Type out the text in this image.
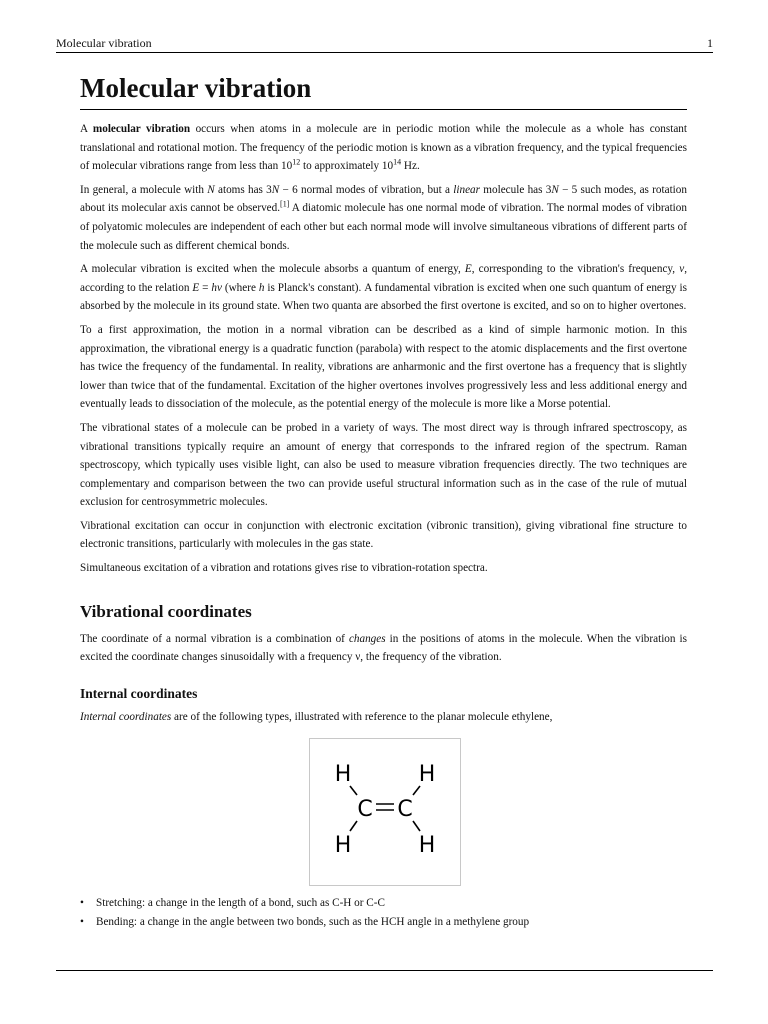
Molecular vibration	1
Molecular vibration

A molecular vibration occurs when atoms in a molecule are in periodic motion while the molecule as a whole has constant translational and rotational motion. The frequency of the periodic motion is known as a vibration frequency, and the typical frequencies of molecular vibrations range from less than $10^{12}$ to approximately $10^{14}$ Hz.

In general, a molecule with N atoms has 3N − 6 normal modes of vibration, but a linear molecule has 3N − 5 such modes, as rotation about its molecular axis cannot be observed.[1] A diatomic molecule has one normal mode of vibration. The normal modes of vibration of polyatomic molecules are independent of each other but each normal mode will involve simultaneous vibrations of different parts of the molecule such as different chemical bonds.

A molecular vibration is excited when the molecule absorbs a quantum of energy, E, corresponding to the vibration's frequency, ν, according to the relation E = hν (where h is Planck's constant). A fundamental vibration is excited when one such quantum of energy is absorbed by the molecule in its ground state. When two quanta are absorbed the first overtone is excited, and so on to higher overtones.

To a first approximation, the motion in a normal vibration can be described as a kind of simple harmonic motion. In this approximation, the vibrational energy is a quadratic function (parabola) with respect to the atomic displacements and the first overtone has twice the frequency of the fundamental. In reality, vibrations are anharmonic and the first overtone has a frequency that is slightly lower than twice that of the fundamental. Excitation of the higher overtones involves progressively less and less additional energy and eventually leads to dissociation of the molecule, as the potential energy of the molecule is more like a Morse potential.

The vibrational states of a molecule can be probed in a variety of ways. The most direct way is through infrared spectroscopy, as vibrational transitions typically require an amount of energy that corresponds to the infrared region of the spectrum. Raman spectroscopy, which typically uses visible light, can also be used to measure vibration frequencies directly. The two techniques are complementary and comparison between the two can provide useful structural information such as in the case of the rule of mutual exclusion for centrosymmetric molecules.

Vibrational excitation can occur in conjunction with electronic excitation (vibronic transition), giving vibrational fine structure to electronic transitions, particularly with molecules in the gas state.

Simultaneous excitation of a vibration and rotations gives rise to vibration-rotation spectra.

Vibrational coordinates

The coordinate of a normal vibration is a combination of changes in the positions of atoms in the molecule. When the vibration is excited the coordinate changes sinusoidally with a frequency ν, the frequency of the vibration.

Internal coordinates

Internal coordinates are of the following types, illustrated with reference to the planar molecule ethylene,

H	H
C C
H	H
• Stretching: a change in the length of a bond, such as C-H or C-C
• Bending: a change in the angle between two bonds, such as the HCH angle in a methylene group
